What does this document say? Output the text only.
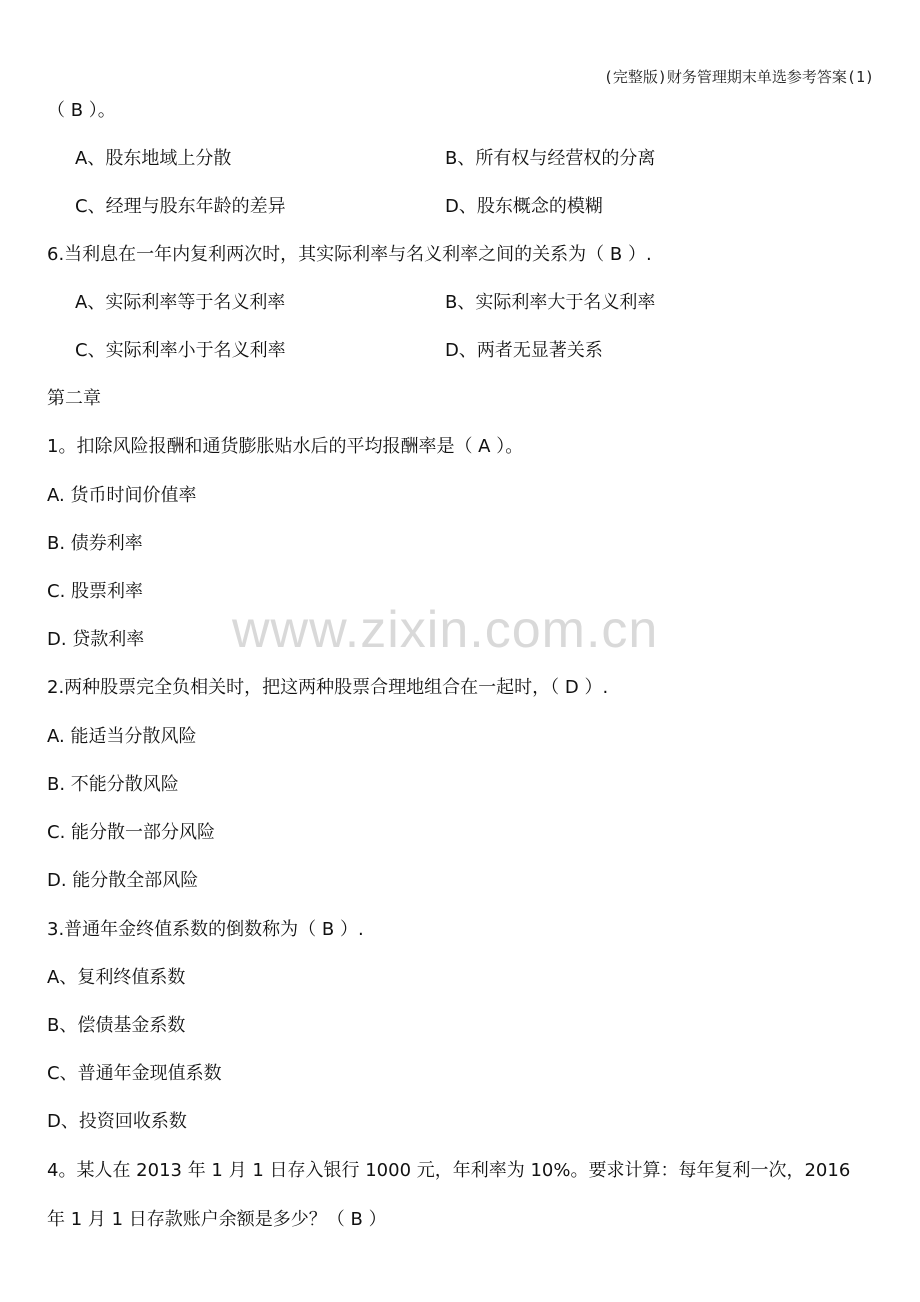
(完整版)财务管理期末单选参考答案(1)
（ B ）。
A、股东地域上分散	B、所有权与经营权的分离
C、经理与股东年龄的差异	D、股东概念的模糊
6.当利息在一年内复利两次时，其实际利率与名义利率之间的关系为（ B ）.
A、实际利率等于名义利率	B、实际利率大于名义利率
C、实际利率小于名义利率	D、两者无显著关系
第二章
1。扣除风险报酬和通货膨胀贴水后的平均报酬率是（ A ）。
A. 货币时间价值率
B. 债券利率
C. 股票利率
D. 贷款利率
2.两种股票完全负相关时，把这两种股票合理地组合在一起时，（ D ）.
A. 能适当分散风险
B. 不能分散风险
C. 能分散一部分风险
D. 能分散全部风险
3.普通年金终值系数的倒数称为（ B ）.
A、复利终值系数
B、偿债基金系数
C、普通年金现值系数
D、投资回收系数
4。某人在 2013 年 1 月 1 日存入银行 1000 元，年利率为 10%。要求计算：每年复利一次，2016
年 1 月 1 日存款账户余额是多少？（ B ）
www.zixin.com.cn
